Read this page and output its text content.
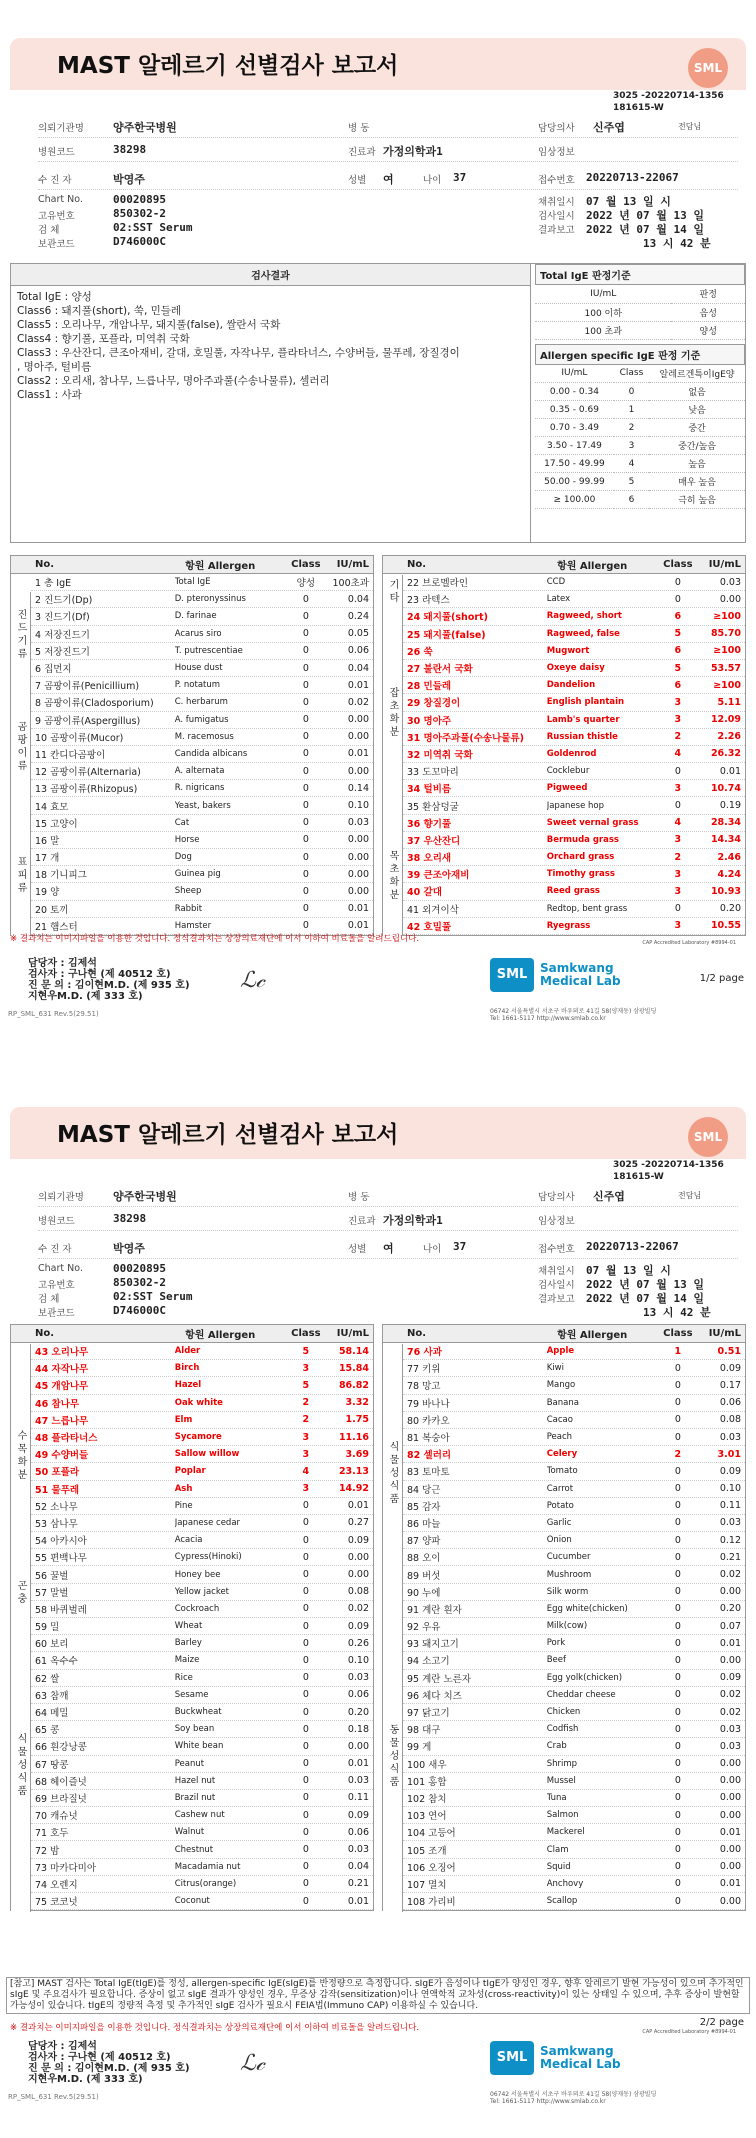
MAST 알레르기 선별검사 보고서	SML
3025 -20220714-1356
181615-W
의뢰기관명	양주한국병원	병 동	담당의사 신주엽	전담님
병원코드	38298	진료과 가정의학과1	임상정보
수 진 자	박영주	성별 여	나이 37	접수번호 20220713-22067
Chart No.	00020895
고유번호	850302-2
검 체	02:SST Serum
보관코드	D746000C
채취일시 07 월 13 일 시
검사일시 2022 년 07 월 13 일
결과보고 2022 년 07 월 14 일
13 시 42 분
검사결과
Total IgE : 양성
Class6 : 돼지풀(short), 쑥, 민들레
Class5 : 오리나무, 개암나무, 돼지풀(false), 쌀란서 국화
Class4 : 향기풀, 포플라, 미역취 국화
Class3 : 우산잔디, 큰조아재비, 갈대, 호밀풀, 자작나무, 플라타너스, 수양버들, 물푸레, 장질경이
, 명아주, 털비름
Class2 : 오리새, 참나무, 느릅나무, 명아주과풀(수송나물류), 셀러리
Class1 : 사과
Total IgE 판정기준
IU/mL	판정
100 이하	음성
100 초과	양성
Allergen specific IgE 판정 기준
IU/mL	Class	알레르겐특이IgE양
0.00 - 0.34	0	없음
0.35 - 0.69	1	낮음
0.70 - 3.49	2	중간
3.50 - 17.49	3	중간/높음
17.50 - 49.99	4	높음
50.00 - 99.99	5	매우 높음
≥ 100.00	6	극히 높음
No.	항원 Allergen	Class	IU/mL
1 총 IgE	Total IgE	양성	100초과
2 진드기(Dp)	D. pteronyssinus	0	0.04
3 진드기(Df)	D. farinae	0	0.24
4 저장진드기	Acarus siro	0	0.05
5 저장진드기	T. putrescentiae	0	0.06
6 집먼지	House dust	0	0.04
7 곰팡이류(Penicillium)	P. notatum	0	0.01
8 곰팡이류(Cladosporium)	C. herbarum	0	0.02
9 곰팡이류(Aspergillus)	A. fumigatus	0	0.00
10 곰팡이류(Mucor)	M. racemosus	0	0.00
11 칸디다곰팡이	Candida albicans	0	0.01
12 곰팡이류(Alternaria)	A. alternata	0	0.00
13 곰팡이류(Rhizopus)	R. nigricans	0	0.14
14 효모	Yeast, bakers	0	0.10
15 고양이	Cat	0	0.03
16 말	Horse	0	0.00
17 개	Dog	0	0.00
18 기니피그	Guinea pig	0	0.00
19 양	Sheep	0	0.00
20 토끼	Rabbit	0	0.01
21 햄스터	Hamster	0	0.01
진드기류
곰팡이류
표피류
No.	항원 Allergen	Class	IU/mL
22 브로멜라인	CCD	0	0.03
23 라텍스	Latex	0	0.00
24 돼지풀(short)	Ragweed, short	6	≥100
25 돼지풀(false)	Ragweed, false	5	85.70
26 쑥	Mugwort	6	≥100
27 불란서 국화	Oxeye daisy	5	53.57
28 민들레	Dandelion	6	≥100
29 창질경이	English plantain	3	5.11
30 명아주	Lamb's quarter	3	12.09
31 명아주과풀(수송나물류)	Russian thistle	2	2.26
32 미역취 국화	Goldenrod	4	26.32
33 도꼬마리	Cocklebur	0	0.01
34 털비름	Pigweed	3	10.74
35 환삼덩굴	Japanese hop	0	0.19
36 향기풀	Sweet vernal grass	4	28.34
37 우산잔디	Bermuda grass	3	14.34
38 오리새	Orchard grass	2	2.46
39 큰조아재비	Timothy grass	3	4.24
40 갈대	Reed grass	3	10.93
41 외겨이삭	Redtop, bent grass	0	0.20
42 호밀풀	Ryegrass	3	10.55
기타
잡초화분
목초화분
※ 결과치는 이미지파일을 이용한 것입니다. 정식결과치는 상장의료재단에 이서 이하여 비료돌을 알려드립니다.	CAP Accredited Laboratory #8994-01
1/2 page
담당자 : 김제석
검사자 : 구나현 (제 40512 호)
진 문 의 : 김이현M.D. (제 935 호)
지현우M.D. (제 333 호)
ℒ𝒸	SML	Samkwang
Medical Lab
06742 서울특별시 서초구 바우뫼로 41길 58(양재동) 삼광빌딩
Tel: 1661-5117 http://www.smlab.co.kr
RP_SML_631 Rev.5(29.51)
MAST 알레르기 선별검사 보고서	SML
3025 -20220714-1356
181615-W
의뢰기관명	양주한국병원	병 동	담당의사 신주엽	전담님
병원코드	38298	진료과 가정의학과1	임상정보
수 진 자	박영주	성별 여	나이 37	접수번호 20220713-22067
Chart No.	00020895
고유번호	850302-2
검 체	02:SST Serum
보관코드	D746000C
채취일시 07 월 13 일 시
검사일시 2022 년 07 월 13 일
결과보고 2022 년 07 월 14 일
13 시 42 분
No.	항원 Allergen	Class	IU/mL
43 오리나무	Alder	5	58.14
44 자작나무	Birch	3	15.84
45 개암나무	Hazel	5	86.82
46 참나무	Oak white	2	3.32
47 느릅나무	Elm	2	1.75
48 플라타너스	Sycamore	3	11.16
49 수양버들	Sallow willow	3	3.69
50 포플라	Poplar	4	23.13
51 물푸레	Ash	3	14.92
52 소나무	Pine	0	0.01
53 삼나무	Japanese cedar	0	0.27
54 아카시아	Acacia	0	0.09
55 편백나무	Cypress(Hinoki)	0	0.00
56 꿀벌	Honey bee	0	0.00
57 말벌	Yellow jacket	0	0.08
58 바퀴벌레	Cockroach	0	0.02
59 밀	Wheat	0	0.09
60 보리	Barley	0	0.26
61 옥수수	Maize	0	0.10
62 쌀	Rice	0	0.03
63 참깨	Sesame	0	0.06
64 메밀	Buckwheat	0	0.20
65 콩	Soy bean	0	0.18
66 흰강낭콩	White bean	0	0.00
67 땅콩	Peanut	0	0.01
68 헤이즐넛	Hazel nut	0	0.03
69 브라질넛	Brazil nut	0	0.11
70 캐슈넛	Cashew nut	0	0.09
71 호두	Walnut	0	0.06
72 밤	Chestnut	0	0.03
73 마카다미아	Macadamia nut	0	0.04
74 오렌지	Citrus(orange)	0	0.21
75 코코넛	Coconut	0	0.01
수목화분
곤충
식물성식품
No.	항원 Allergen	Class	IU/mL
76 사과	Apple	1	0.51
77 키위	Kiwi	0	0.09
78 망고	Mango	0	0.17
79 바나나	Banana	0	0.06
80 카카오	Cacao	0	0.08
81 복숭아	Peach	0	0.03
82 셀러리	Celery	2	3.01
83 토마토	Tomato	0	0.09
84 당근	Carrot	0	0.10
85 감자	Potato	0	0.11
86 마늘	Garlic	0	0.03
87 양파	Onion	0	0.12
88 오이	Cucumber	0	0.21
89 버섯	Mushroom	0	0.02
90 누에	Silk worm	0	0.00
91 계란 흰자	Egg white(chicken)	0	0.20
92 우유	Milk(cow)	0	0.07
93 돼지고기	Pork	0	0.01
94 소고기	Beef	0	0.00
95 계란 노른자	Egg yolk(chicken)	0	0.09
96 체다 치즈	Cheddar cheese	0	0.02
97 닭고기	Chicken	0	0.02
98 대구	Codfish	0	0.03
99 게	Crab	0	0.03
100 새우	Shrimp	0	0.00
101 홍합	Mussel	0	0.00
102 참치	Tuna	0	0.00
103 연어	Salmon	0	0.00
104 고등어	Mackerel	0	0.01
105 조개	Clam	0	0.00
106 오징어	Squid	0	0.00
107 멸치	Anchovy	0	0.01
108 가리비	Scallop	0	0.00
식물성식품
동물성식품
[참고] MAST 검사는 Total IgE(tIgE)를 정성, allergen-specific IgE(sIgE)를 반정량으로 측정합니다. sIgE가 음성이나 tIgE가 양성인 경우, 향후 알레르기 발현 가능성이 있으며 추가적인 sIgE 및 주요검사가 필요합니다. 증상이 없고 sIgE 결과가 양성인 경우, 무증상 감작(sensitization)이나 연액학적 교차성(cross-reactivity)이 있는 상태일 수 있으며, 추후 증상이 발현할 가능성이 있습니다. tIgE의 정량적 측정 및 추가적인 sIgE 검사가 필요시 FEIA법(Immuno CAP) 이용하실 수 있습니다.
※ 결과치는 이미지파일을 이용한 것입니다. 정식결과치는 상장의료재단에 이서 이하여 비료돌을 알려드립니다.	CAP Accredited Laboratory #8994-01
2/2 page
담당자 : 김제석
검사자 : 구나현 (제 40512 호)
진 문 의 : 김이현M.D. (제 935 호)
지현우M.D. (제 333 호)
ℒ𝒸	SML	Samkwang
Medical Lab
06742 서울특별시 서초구 바우뫼로 41길 58(양재동) 삼광빌딩
Tel: 1661-5117 http://www.smlab.co.kr
RP_SML_631 Rev.5(29.51)
